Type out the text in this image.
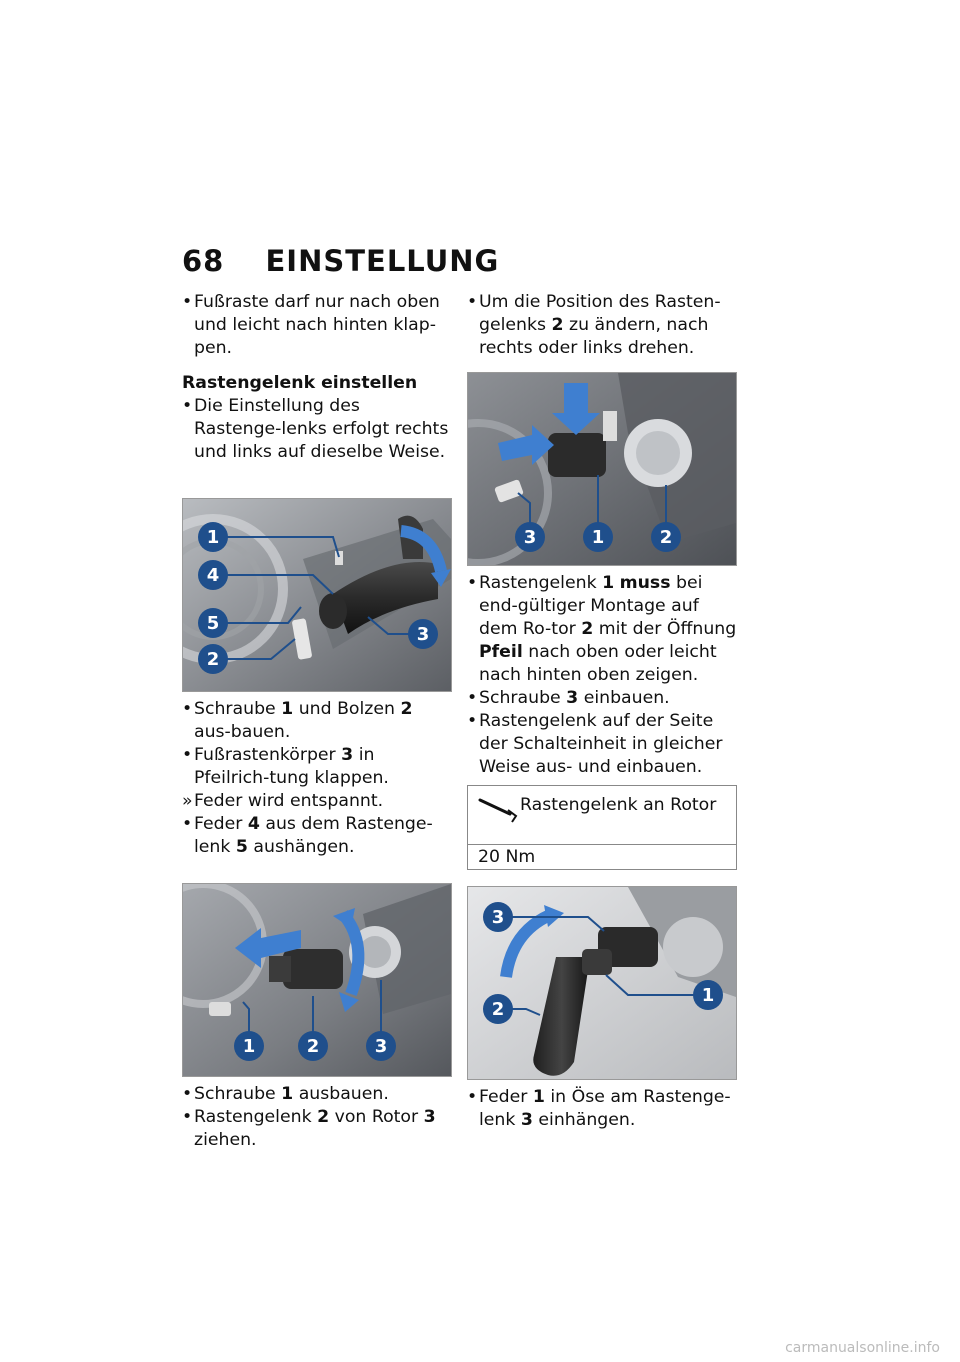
68 EINSTELLUNG
• Fußraste darf nur nach oben und leicht nach hinten klap-pen.
Rastengelenk einstellen
• Die Einstellung des Rastenge-lenks erfolgt rechts und links auf dieselbe Weise.
1
4
5
2
3
• Schraube 1 und Bolzen 2 aus-bauen.
• Fußrastenkörper 3 in Pfeilrich-tung klappen.
» Feder wird entspannt.
• Feder 4 aus dem Rastenge-lenk 5 aushängen.
1	2	3
• Schraube 1 ausbauen.
• Rastengelenk 2 von Rotor 3 ziehen.
• Um die Position des Rasten-gelenks 2 zu ändern, nach rechts oder links drehen.
3	1	2
• Rastengelenk 1 muss bei end-gültiger Montage auf dem Ro-tor 2 mit der Öffnung Pfeil nach oben oder leicht nach hinten oben zeigen.
• Schraube 3 einbauen.
• Rastengelenk auf der Seite der Schalteinheit in gleicher Weise aus- und einbauen.
Rastengelenk an Rotor
20 Nm
3
2
1
• Feder 1 in Öse am Rastenge-lenk 3 einhängen.
carmanualsonline.info
